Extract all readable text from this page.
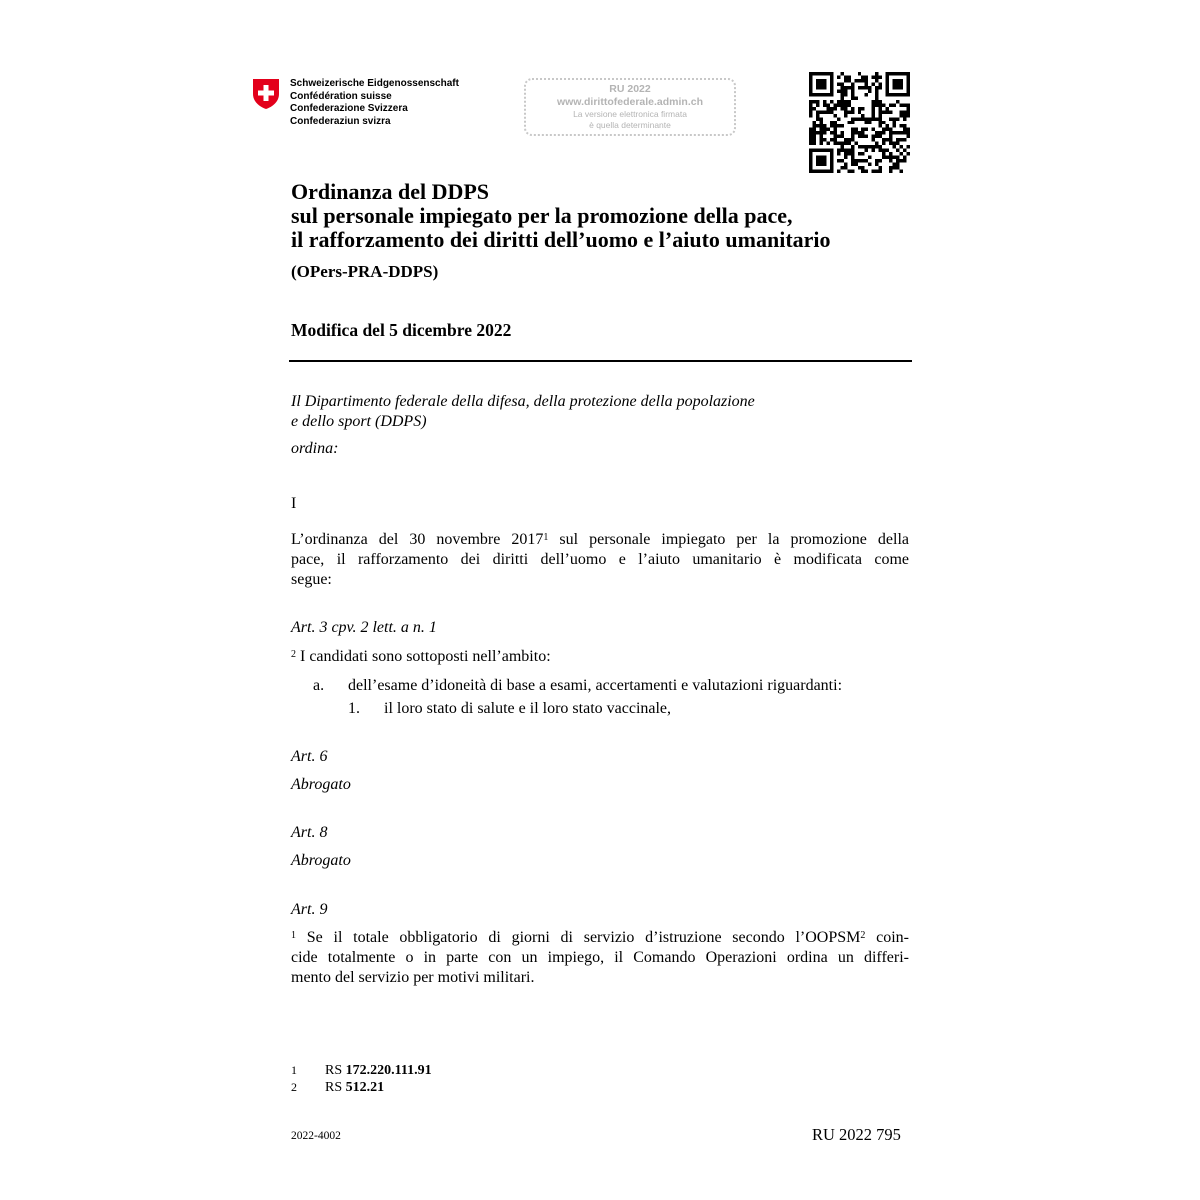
Schweizerische Eidgenossenschaft
Confédération suisse
Confederazione Svizzera
Confederaziun svizra
RU 2022
www.dirittofederale.admin.ch
La versione elettronica firmata
è quella determinante
Ordinanza del DDPS
sul personale impiegato per la promozione della pace,
il rafforzamento dei diritti dell’uomo e l’aiuto umanitario
(OPers-PRA-DDPS)
Modifica del 5 dicembre 2022
Il Dipartimento federale della difesa, della protezione della popolazione
e dello sport (DDPS)
ordina:
I
L’ordinanza del 30 novembre 2017$^1$ sul personale impiegato per la promozione della
pace, il rafforzamento dei diritti dell’uomo e l’aiuto umanitario è modificata come
segue:
Art. 3 cpv. 2 lett. a n. 1
$^2$ I candidati sono sottoposti nell’ambito:
a. dell’esame d’idoneità di base a esami, accertamenti e valutazioni riguardanti:
1. il loro stato di salute e il loro stato vaccinale,
Art. 6
Abrogato
Art. 8
Abrogato
Art. 9
$^1$ Se il totale obbligatorio di giorni di servizio d’istruzione secondo l’OOPSM$^2$ coin-
cide totalmente o in parte con un impiego, il Comando Operazioni ordina un differi-
mento del servizio per motivi militari.
1 RS 172.220.111.91
2 RS 512.21
2022-4002	RU 2022 795
